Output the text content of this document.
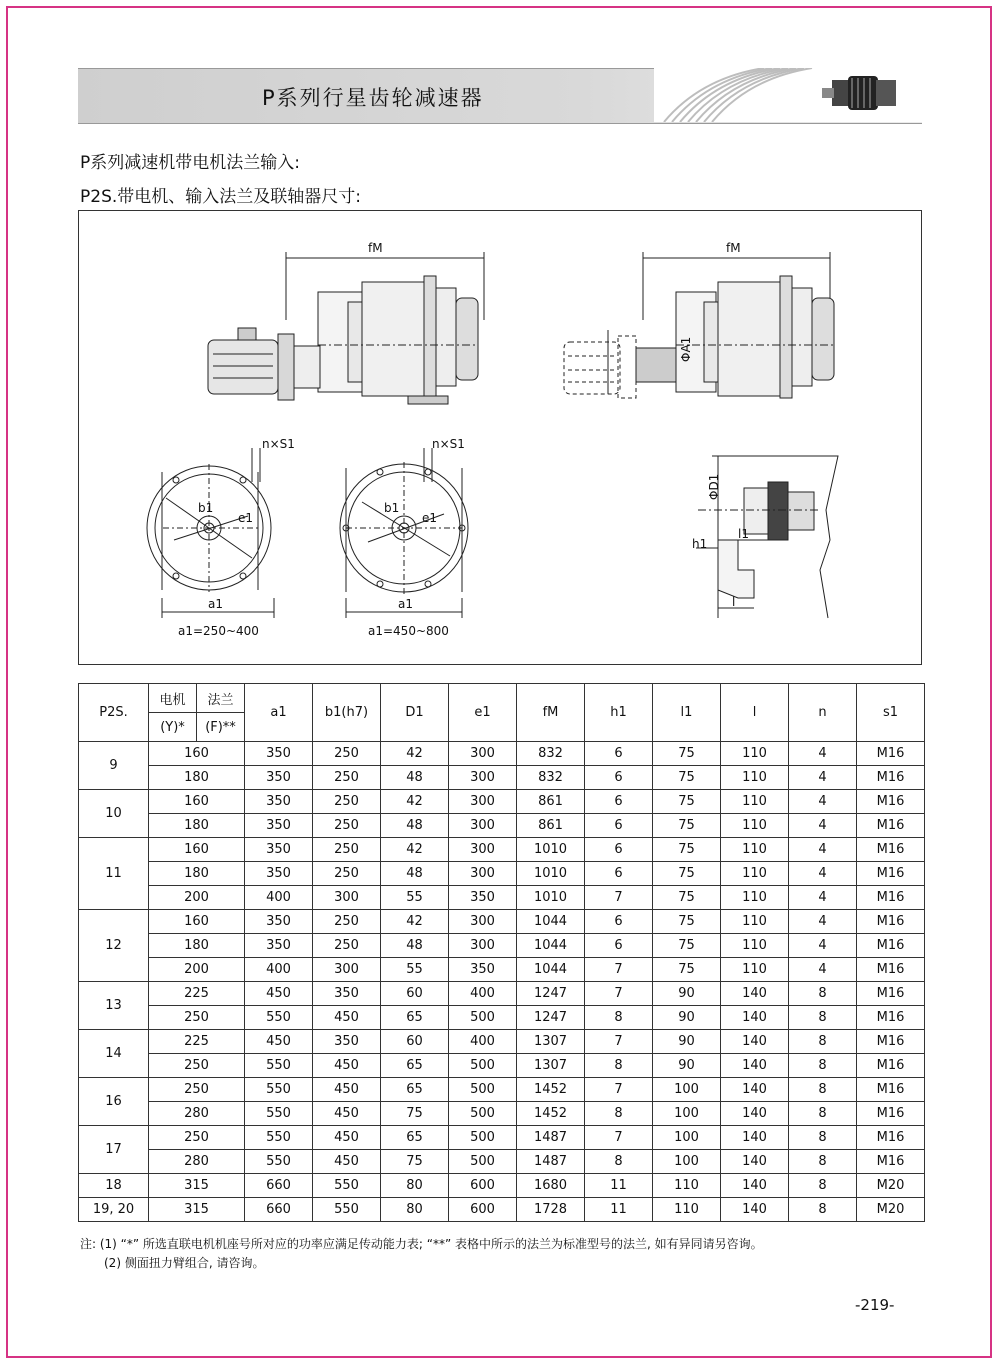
P系列行星齿轮减速器
P系列减速机带电机法兰输入:
P2S.带电机、输入法兰及联轴器尺寸:
fM	fM
n×S1	n×S1
b1
e1
b1
e1
a1	a1
a1=250~400	a1=450~800
ΦD1
ΦA1
h1
l1
l
P2S.	电机	法兰	a1	b1(h7)	D1	e1	fM	h1	l1	l	n	s1
	(Y)*	(F)**										
9	160		350	250	42	300	832	6	75	110	4	M16
	180		350	250	48	300	832	6	75	110	4	M16
10	160		350	250	42	300	861	6	75	110	4	M16
	180		350	250	48	300	861	6	75	110	4	M16
11	160		350	250	42	300	1010	6	75	110	4	M16
	180		350	250	48	300	1010	6	75	110	4	M16
	200		400	300	55	350	1010	7	75	110	4	M16
12	160		350	250	42	300	1044	6	75	110	4	M16
	180		350	250	48	300	1044	6	75	110	4	M16
	200		400	300	55	350	1044	7	75	110	4	M16
13	225		450	350	60	400	1247	7	90	140	8	M16
	250		550	450	65	500	1247	8	90	140	8	M16
14	225		450	350	60	400	1307	7	90	140	8	M16
	250		550	450	65	500	1307	8	90	140	8	M16
16	250		550	450	65	500	1452	7	100	140	8	M16
	280		550	450	75	500	1452	8	100	140	8	M16
17	250		550	450	65	500	1487	7	100	140	8	M16
	280		550	450	75	500	1487	8	100	140	8	M16
18	315		660	550	80	600	1680	11	110	140	8	M20
19, 20	315		660	550	80	600	1728	11	110	140	8	M20
注: (1) “*” 所选直联电机机座号所对应的功率应满足传动能力表; “**” 表格中所示的法兰为标准型号的法兰, 如有异同请另咨询。
(2) 侧面扭力臂组合, 请咨询。
-219-
